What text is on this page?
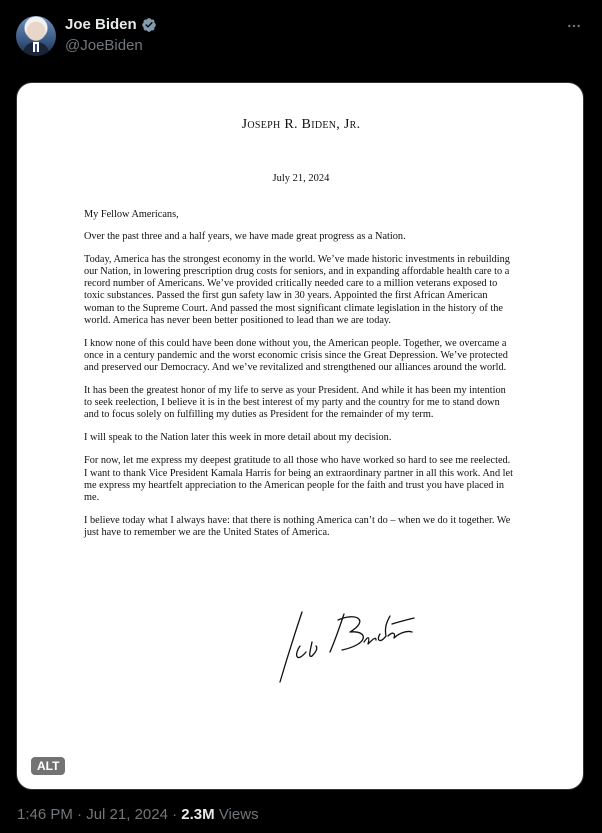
Joe Biden
@JoeBiden
Joseph R. Biden, Jr.
July 21, 2024

My Fellow Americans,

Over the past three and a half years, we have made great progress as a Nation.

Today, America has the strongest economy in the world. We’ve made historic investments in rebuilding our Nation, in lowering prescription drug costs for seniors, and in expanding affordable health care to a record number of Americans. We’ve provided critically needed care to a million veterans exposed to toxic substances. Passed the first gun safety law in 30 years. Appointed the first African American woman to the Supreme Court. And passed the most significant climate legislation in the history of the world. America has never been better positioned to lead than we are today.

I know none of this could have been done without you, the American people. Together, we overcame a once in a century pandemic and the worst economic crisis since the Great Depression. We’ve protected and preserved our Democracy. And we’ve revitalized and strengthened our alliances around the world.

It has been the greatest honor of my life to serve as your President. And while it has been my intention to seek reelection, I believe it is in the best interest of my party and the country for me to stand down and to focus solely on fulfilling my duties as President for the remainder of my term.

I will speak to the Nation later this week in more detail about my decision.

For now, let me express my deepest gratitude to all those who have worked so hard to see me reelected. I want to thank Vice President Kamala Harris for being an extraordinary partner in all this work. And let me express my heartfelt appreciation to the American people for the faith and trust you have placed in me.

I believe today what I always have: that there is nothing America can’t do – when we do it together. We just have to remember we are the United States of America.

ALT
1:46 PM · Jul 21, 2024 · 2.3M Views
